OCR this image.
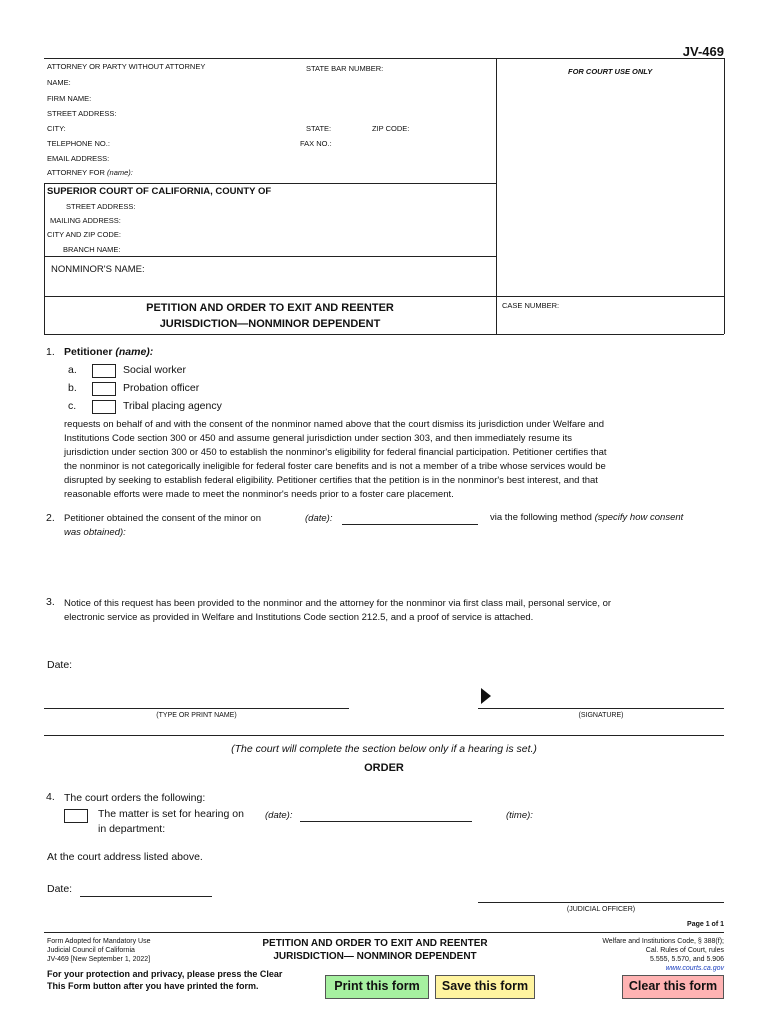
JV-469
ATTORNEY OR PARTY WITHOUT ATTORNEY	STATE BAR NUMBER:	FOR COURT USE ONLY
NAME:
FIRM NAME:
STREET ADDRESS:
CITY:	STATE:	ZIP CODE:
TELEPHONE NO.:	FAX NO.:
EMAIL ADDRESS:
ATTORNEY FOR (name):
SUPERIOR COURT OF CALIFORNIA, COUNTY OF
STREET ADDRESS:
MAILING ADDRESS:
CITY AND ZIP CODE:
BRANCH NAME:
NONMINOR'S NAME:
PETITION AND ORDER TO EXIT AND REENTER
JURISDICTION—NONMINOR DEPENDENT
CASE NUMBER:
1. Petitioner (name):
a.	Social worker
b.	Probation officer
c.	Tribal placing agency
requests on behalf of and with the consent of the nonminor named above that the court dismiss its jurisdiction under Welfare and
Institutions Code section 300 or 450 and assume general jurisdiction under section 303, and then immediately resume its
jurisdiction under section 300 or 450 to establish the nonminor's eligibility for federal financial participation. Petitioner certifies that
the nonminor is not categorically ineligible for federal foster care benefits and is not a member of a tribe whose services would be
disrupted by seeking to establish federal eligibility. Petitioner certifies that the petition is in the nonminor's best interest, and that
reasonable efforts were made to meet the nonminor's needs prior to a foster care placement.
2. Petitioner obtained the consent of the minor on	(date):	via the following method (specify how consent
was obtained):
3. Notice of this request has been provided to the nonminor and the attorney for the nonminor via first class mail, personal service, or
electronic service as provided in Welfare and Institutions Code section 212.5, and a proof of service is attached.
Date:
(TYPE OR PRINT NAME)	(SIGNATURE)
(The court will complete the section below only if a hearing is set.)
ORDER
4. The court orders the following:
The matter is set for hearing on (date):	(time):
in department:
At the court address listed above.
Date:
(JUDICIAL OFFICER)
Page 1 of 1
Form Adopted for Mandatory Use
Judicial Council of California
JV-469 [New September 1, 2022]
PETITION AND ORDER TO EXIT AND REENTER
JURISDICTION— NONMINOR DEPENDENT
Welfare and Institutions Code, § 388(f);
Cal. Rules of Court, rules
5.555, 5.570, and 5.906
www.courts.ca.gov
For your protection and privacy, please press the Clear
This Form button after you have printed the form.	Print this form	Save this form	Clear this form
